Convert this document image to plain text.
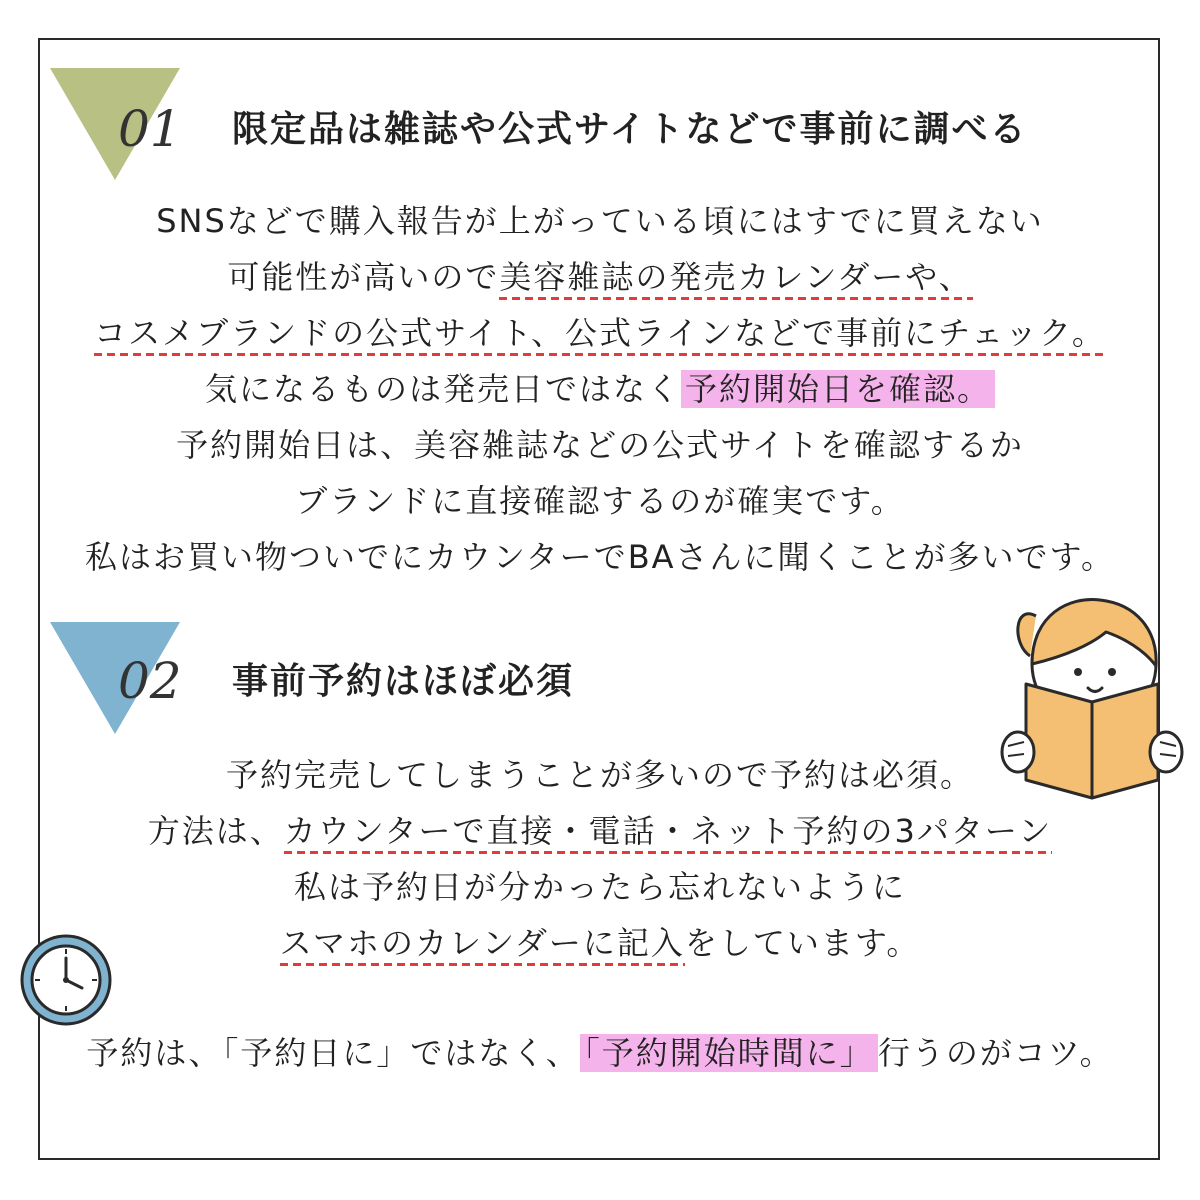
01 限定品は雑誌や公式サイトなどで事前に調べる
SNSなどで購入報告が上がっている頃にはすでに買えない
可能性が高いので美容雑誌の発売カレンダーや、
コスメブランドの公式サイト、公式ラインなどで事前にチェック。
気になるものは発売日ではなく 予約開始日を確認。
予約開始日は、美容雑誌などの公式サイトを確認するか
ブランドに直接確認するのが確実です。
私はお買い物ついでにカウンターでBAさんに聞くことが多いです。
02 事前予約はほぼ必須
予約完売してしまうことが多いので予約は必須。
方法は、カウンターで直接・電話・ネット予約の3パターン
私は予約日が分かったら忘れないように
スマホのカレンダーに記入をしています。
予約は、「予約日に」ではなく、 「予約開始時間に」 行うのがコツ。
